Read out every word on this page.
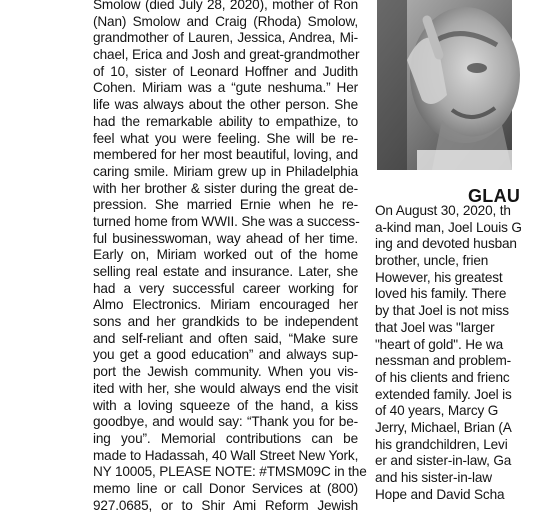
Smolow (died July 28, 2020), mother of Ron
(Nan) Smolow and Craig (Rhoda) Smolow,
grandmother of Lauren, Jessica, Andrea, Mi-
chael, Erica and Josh and great-grandmother
of 10, sister of Leonard Hoffner and Judith
Cohen. Miriam was a “gute neshuma.” Her
life was always about the other person. She
had the remarkable ability to empathize, to
feel what you were feeling. She will be re-
membered for her most beautiful, loving, and
caring smile. Miriam grew up in Philadelphia
with her brother & sister during the great de-
pression. She married Ernie when he re-
turned home from WWII. She was a success-
ful businesswoman, way ahead of her time.
Early on, Miriam worked out of the home
selling real estate and insurance. Later, she
had a very successful career working for
Almo Electronics. Miriam encouraged her
sons and her grandkids to be independent
and self-reliant and often said, “Make sure
you get a good education” and always sup-
port the Jewish community. When you vis-
ited with her, she would always end the visit
with a loving squeeze of the hand, a kiss
goodbye, and would say: “Thank you for be-
ing you”. Memorial contributions can be
made to Hadassah, 40 Wall Street New York,
NY 10005, PLEASE NOTE: #TMSM09C in the
memo line or call Donor Services at (800)
927.0685, or to Shir Ami Reform Jewish
GLAU
On August 30, 2020, th
a-kind man, Joel Louis G
ing and devoted husban
brother, uncle, frien
However, his greatest
loved his family. There
by that Joel is not miss
that Joel was "larger
"heart of gold". He wa
nessman and problem-
of his clients and frienc
extended family. Joel is
of 40 years, Marcy G
Jerry, Michael, Brian (A
his grandchildren, Levi
er and sister-in-law, Ga
and his sister-in-law
Hope and David Scha
